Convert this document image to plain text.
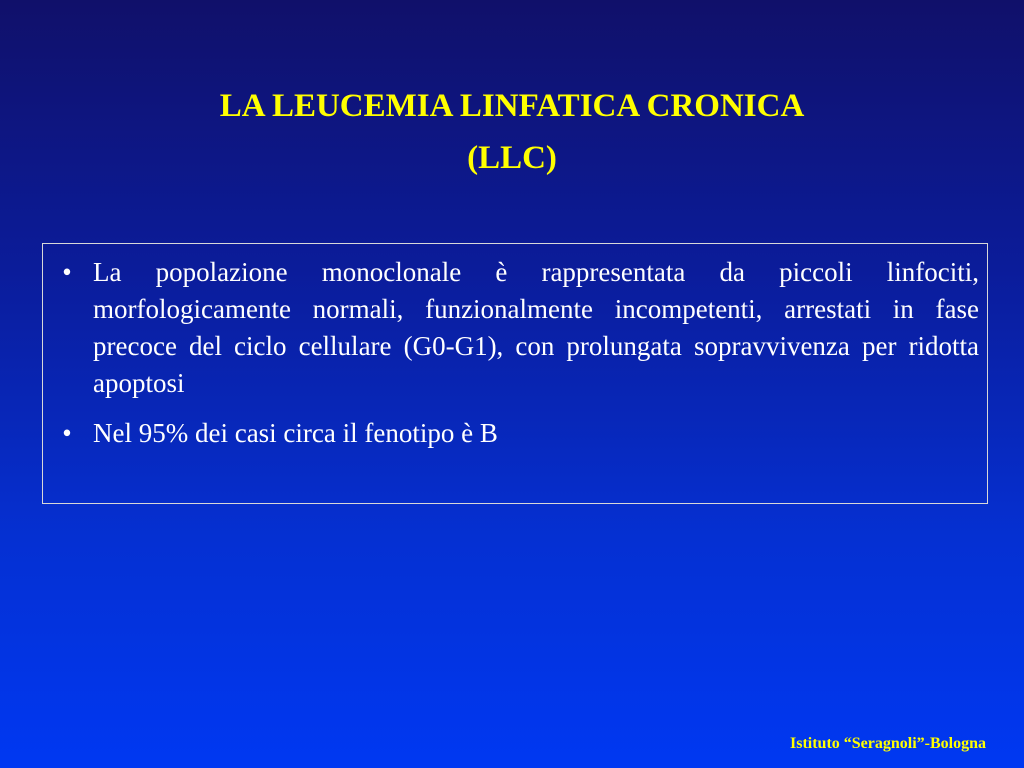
LA LEUCEMIA LINFATICA CRONICA
(LLC)
• La popolazione monoclonale è rappresentata da piccoli linfociti, morfologicamente normali, funzionalmente incompetenti, arrestati in fase precoce del ciclo cellulare (G0-G1), con prolungata sopravvivenza per ridotta apoptosi
• Nel 95% dei casi circa il fenotipo è B
Istituto “Seragnoli”-Bologna
